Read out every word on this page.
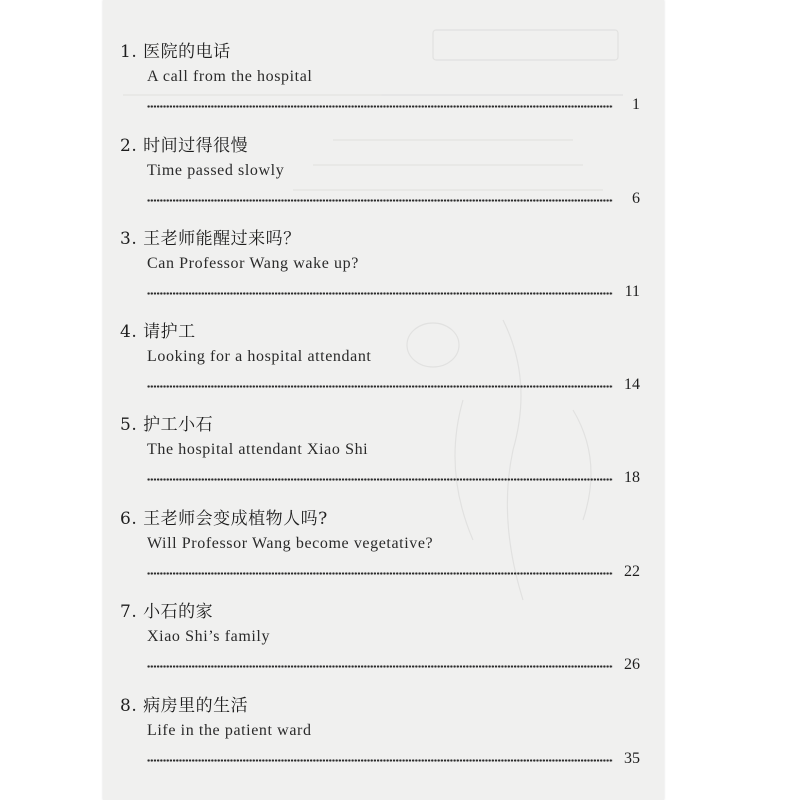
1. 医院的电话
A call from the hospital
1
2. 时间过得很慢
Time passed slowly
6
3. 王老师能醒过来吗？
Can Professor Wang wake up?
11
4. 请护工
Looking for a hospital attendant
14
5. 护工小石
The hospital attendant Xiao Shi
18
6. 王老师会变成植物人吗?
Will Professor Wang become vegetative?
22
7. 小石的家
Xiao Shi’s family
26
8. 病房里的生活
Life in the patient ward
35
